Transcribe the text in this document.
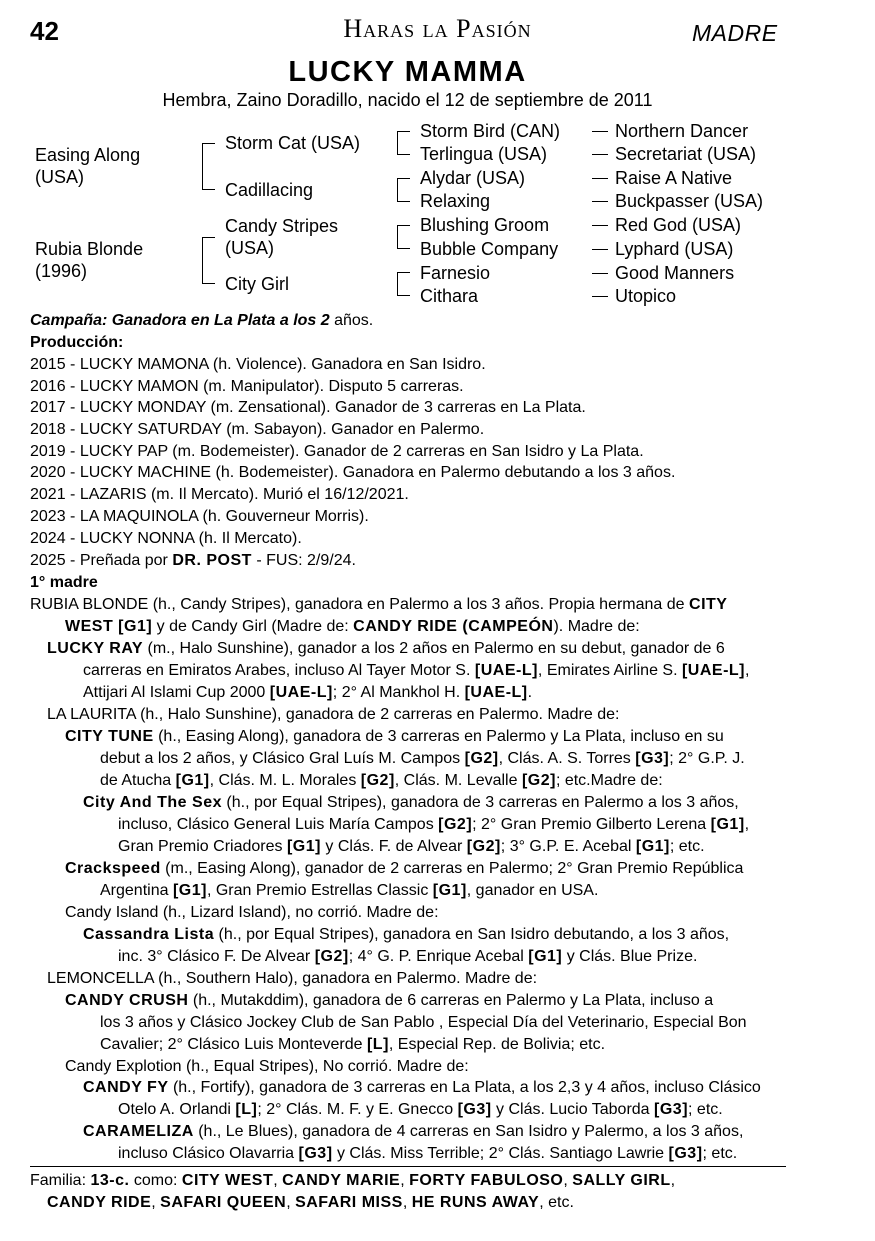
42	Haras la Pasión	MADRE
LUCKY MAMMA
Hembra, Zaino Doradillo, nacido el 12 de septiembre de 2011
Easing Along (USA)
Rubia Blonde (1996)
Storm Cat (USA)
Cadillacing
Candy Stripes (USA)
City Girl
Storm Bird (CAN)
Terlingua (USA)
Alydar (USA)
Relaxing
Blushing Groom
Bubble Company
Farnesio
Cithara
Northern Dancer
Secretariat (USA)
Raise A Native
Buckpasser (USA)
Red God (USA)
Lyphard (USA)
Good Manners
Utopico
Campaña: Ganadora en La Plata a los 2 años.
Producción:
2015 - LUCKY MAMONA (h. Violence). Ganadora en San Isidro.
2016 - LUCKY MAMON (m. Manipulator). Disputo 5 carreras.
2017 - LUCKY MONDAY (m. Zensational). Ganador de 3 carreras en La Plata.
2018 - LUCKY SATURDAY (m. Sabayon). Ganador en Palermo.
2019 - LUCKY PAP (m. Bodemeister). Ganador de 2 carreras en San Isidro y La Plata.
2020 - LUCKY MACHINE (h. Bodemeister). Ganadora en Palermo debutando a los 3 años.
2021 - LAZARIS (m. Il Mercato). Murió el 16/12/2021.
2023 - LA MAQUINOLA (h. Gouverneur Morris).
2024 - LUCKY NONNA (h. Il Mercato).
2025 - Preñada por DR. POST - FUS: 2/9/24.
1° madre
RUBIA BLONDE (h., Candy Stripes), ganadora en Palermo a los 3 años. Propia hermana de CITY
WEST [G1] y de Candy Girl (Madre de: CANDY RIDE (CAMPEÓN). Madre de:
LUCKY RAY (m., Halo Sunshine), ganador a los 2 años en Palermo en su debut, ganador de 6
carreras en Emiratos Arabes, incluso Al Tayer Motor S. [UAE-L], Emirates Airline S. [UAE-L],
Attijari Al Islami Cup 2000 [UAE-L]; 2° Al Mankhol H. [UAE-L].
LA LAURITA (h., Halo Sunshine), ganadora de 2 carreras en Palermo. Madre de:
CITY TUNE (h., Easing Along), ganadora de 3 carreras en Palermo y La Plata, incluso en su
debut a los 2 años, y Clásico Gral Luís M. Campos [G2], Clás. A. S. Torres [G3]; 2° G.P. J.
de Atucha [G1], Clás. M. L. Morales [G2], Clás. M. Levalle [G2]; etc.Madre de:
City And The Sex (h., por Equal Stripes), ganadora de 3 carreras en Palermo a los 3 años,
incluso, Clásico General Luis María Campos [G2]; 2° Gran Premio Gilberto Lerena [G1],
Gran Premio Criadores [G1] y Clás. F. de Alvear [G2]; 3° G.P. E. Acebal [G1]; etc.
Crackspeed (m., Easing Along), ganador de 2 carreras en Palermo; 2° Gran Premio República
Argentina [G1], Gran Premio Estrellas Classic [G1], ganador en USA.
Candy Island (h., Lizard Island), no corrió. Madre de:
Cassandra Lista (h., por Equal Stripes), ganadora en San Isidro debutando, a los 3 años,
inc. 3° Clásico F. De Alvear [G2]; 4° G. P. Enrique Acebal [G1] y Clás. Blue Prize.
LEMONCELLA (h., Southern Halo), ganadora en Palermo. Madre de:
CANDY CRUSH (h., Mutakddim), ganadora de 6 carreras en Palermo y La Plata, incluso a
los 3 años y Clásico Jockey Club de San Pablo , Especial Día del Veterinario, Especial Bon
Cavalier; 2° Clásico Luis Monteverde [L], Especial Rep. de Bolivia; etc.
Candy Explotion (h., Equal Stripes), No corrió. Madre de:
CANDY FY (h., Fortify), ganadora de 3 carreras en La Plata, a los 2,3 y 4 años, incluso Clásico
Otelo A. Orlandi [L]; 2° Clás. M. F. y E. Gnecco [G3] y Clás. Lucio Taborda [G3]; etc.
CARAMELIZA (h., Le Blues), ganadora de 4 carreras en San Isidro y Palermo, a los 3 años,
incluso Clásico Olavarria [G3] y Clás. Miss Terrible; 2° Clás. Santiago Lawrie [G3]; etc.
Familia: 13-c. como: CITY WEST, CANDY MARIE, FORTY FABULOSO, SALLY GIRL,
CANDY RIDE, SAFARI QUEEN, SAFARI MISS, HE RUNS AWAY, etc.
